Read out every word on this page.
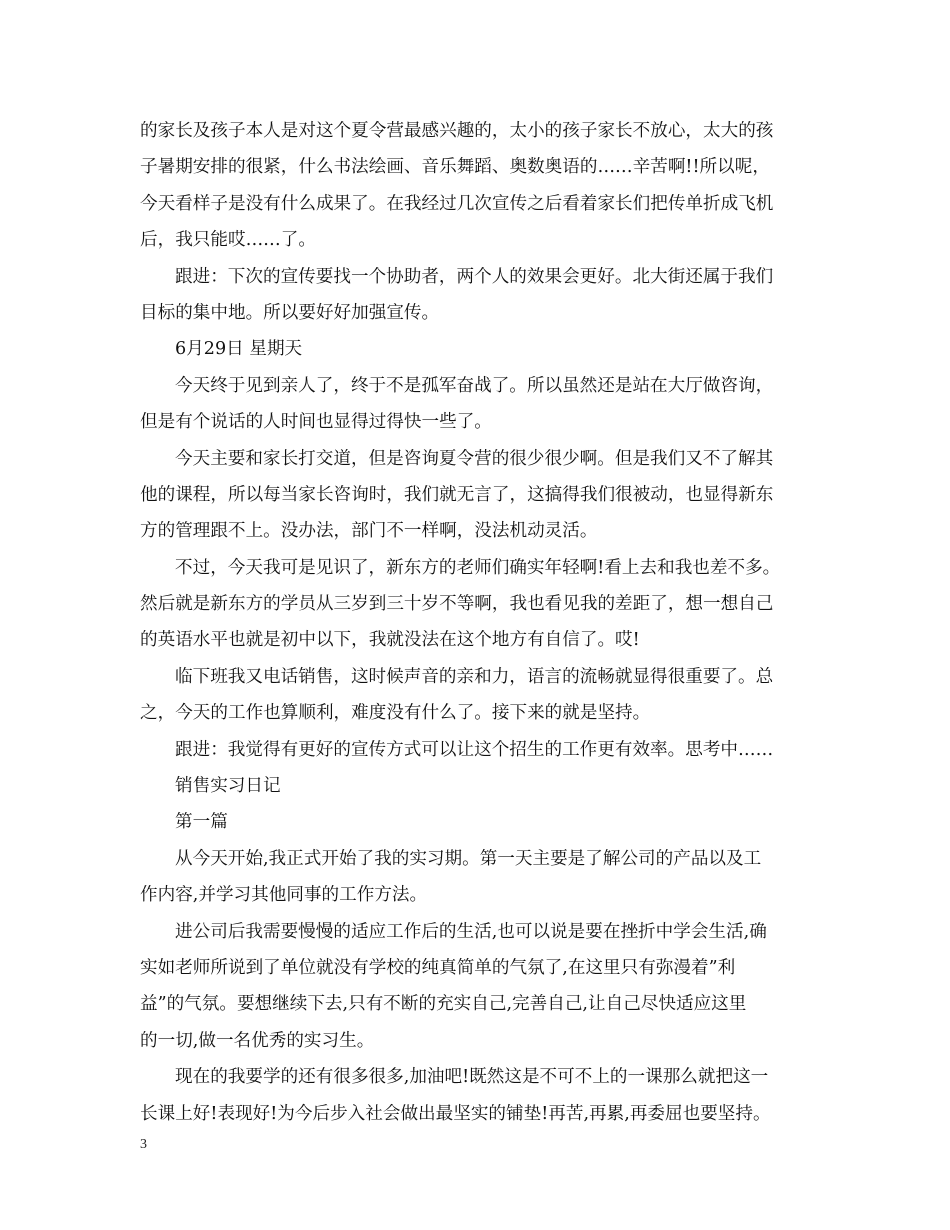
的家长及孩子本人是对这个夏令营最感兴趣的，太小的孩子家长不放心，太大的孩
子暑期安排的很紧，什么书法绘画、音乐舞蹈、奥数奥语的……辛苦啊!!所以呢，
今天看样子是没有什么成果了。在我经过几次宣传之后看着家长们把传单折成飞机
后，我只能哎……了。
跟进：下次的宣传要找一个协助者，两个人的效果会更好。北大街还属于我们
目标的集中地。所以要好好加强宣传。
6月29日 星期天
今天终于见到亲人了，终于不是孤军奋战了。所以虽然还是站在大厅做咨询，
但是有个说话的人时间也显得过得快一些了。
今天主要和家长打交道，但是咨询夏令营的很少很少啊。但是我们又不了解其
他的课程，所以每当家长咨询时，我们就无言了，这搞得我们很被动，也显得新东
方的管理跟不上。没办法，部门不一样啊，没法机动灵活。
不过，今天我可是见识了，新东方的老师们确实年轻啊!看上去和我也差不多。
然后就是新东方的学员从三岁到三十岁不等啊，我也看见我的差距了，想一想自己
的英语水平也就是初中以下，我就没法在这个地方有自信了。哎!
临下班我又电话销售，这时候声音的亲和力，语言的流畅就显得很重要了。总
之，今天的工作也算顺利，难度没有什么了。接下来的就是坚持。
跟进：我觉得有更好的宣传方式可以让这个招生的工作更有效率。思考中……
销售实习日记
第一篇
从今天开始,我正式开始了我的实习期。第一天主要是了解公司的产品以及工
作内容,并学习其他同事的工作方法。
进公司后我需要慢慢的适应工作后的生活,也可以说是要在挫折中学会生活,确
实如老师所说到了单位就没有学校的纯真简单的气氛了,在这里只有弥漫着”利
益”的气氛。要想继续下去,只有不断的充实自己,完善自己,让自己尽快适应这里
的一切,做一名优秀的实习生。
现在的我要学的还有很多很多,加油吧!既然这是不可不上的一课那么就把这一
长课上好!表现好!为今后步入社会做出最坚实的铺垫!再苦,再累,再委屈也要坚持。
3
